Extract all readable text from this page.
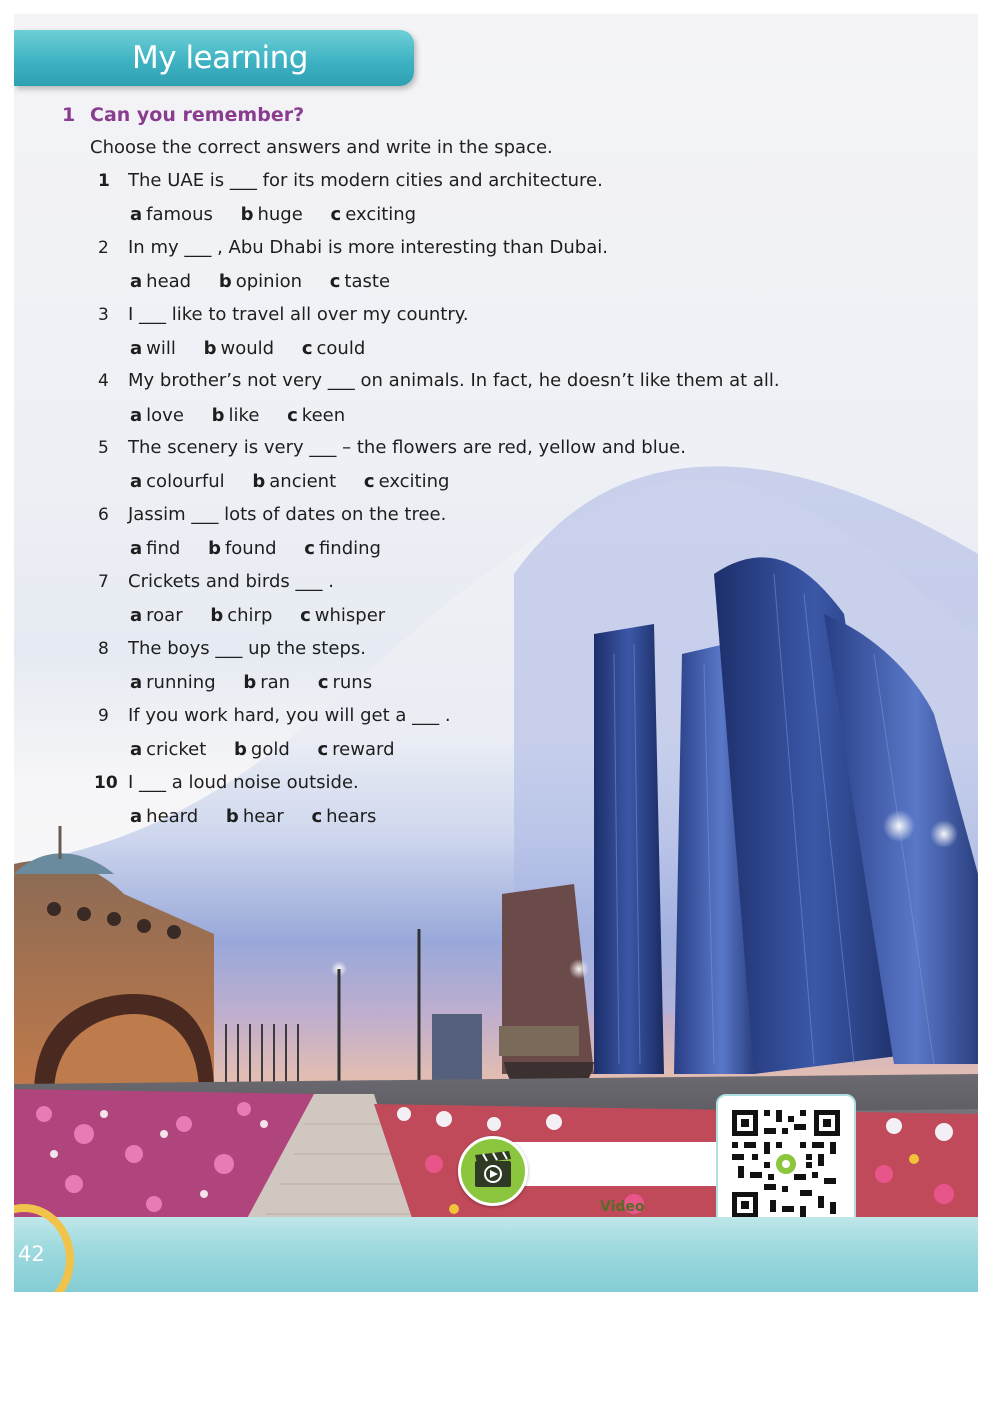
My learning
1 Can you remember?
Choose the correct answers and write in the space.
1 The UAE is ___ for its modern cities and architecture.
a famous b huge c exciting
2 In my ___ , Abu Dhabi is more interesting than Dubai.
a head b opinion c taste
3 I ___ like to travel all over my country.
a will b would c could
4 My brother’s not very ___ on animals. In fact, he doesn’t like them at all.
a love b like c keen
5 The scenery is very ___ – the flowers are red, yellow and blue.
a colourful b ancient c exciting
6 Jassim ___ lots of dates on the tree.
a find b found c finding
7 Crickets and birds ___ .
a roar b chirp c whisper
8 The boys ___ up the steps.
a running b ran c runs
9 If you work hard, you will get a ___ .
a cricket b gold c reward
10 I ___ a loud noise outside.
a heard b hear c hears
Video
42
